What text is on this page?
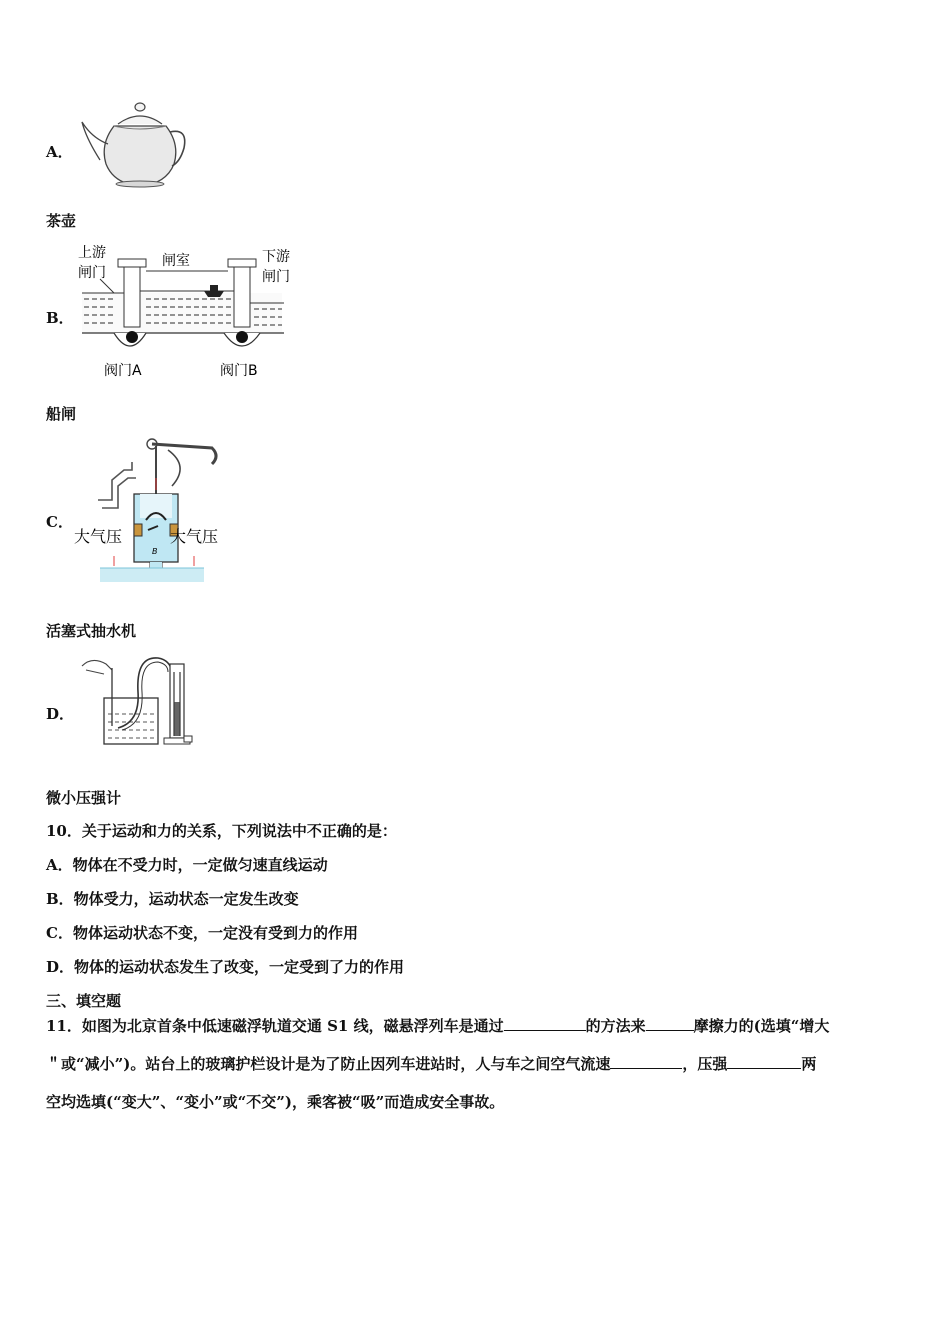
A．
茶壶
B．
上游
闸门
闸室	下游
闸门
阀门A	阀门B
船闸
C．
B
大气压	大气压
活塞式抽水机
D．
微小压强计
10．关于运动和力的关系，下列说法中不正确的是：
A．物体在不受力时，一定做匀速直线运动
B．物体受力，运动状态一定发生改变
C．物体运动状态不变，一定没有受到力的作用
D．物体的运动状态发生了改变，一定受到了力的作用
三、填空题
11．如图为北京首条中低速磁浮轨道交通 S1 线，磁悬浮列车是通过	的方法来	摩擦力的(选填“增大
＂或“减小”)。站台上的玻璃护栏设计是为了防止因列车进站时，人与车之间空气流速	，压强	两
空均选填(“变大”、“变小”或“不交”)，乘客被“吸”而造成安全事故。
